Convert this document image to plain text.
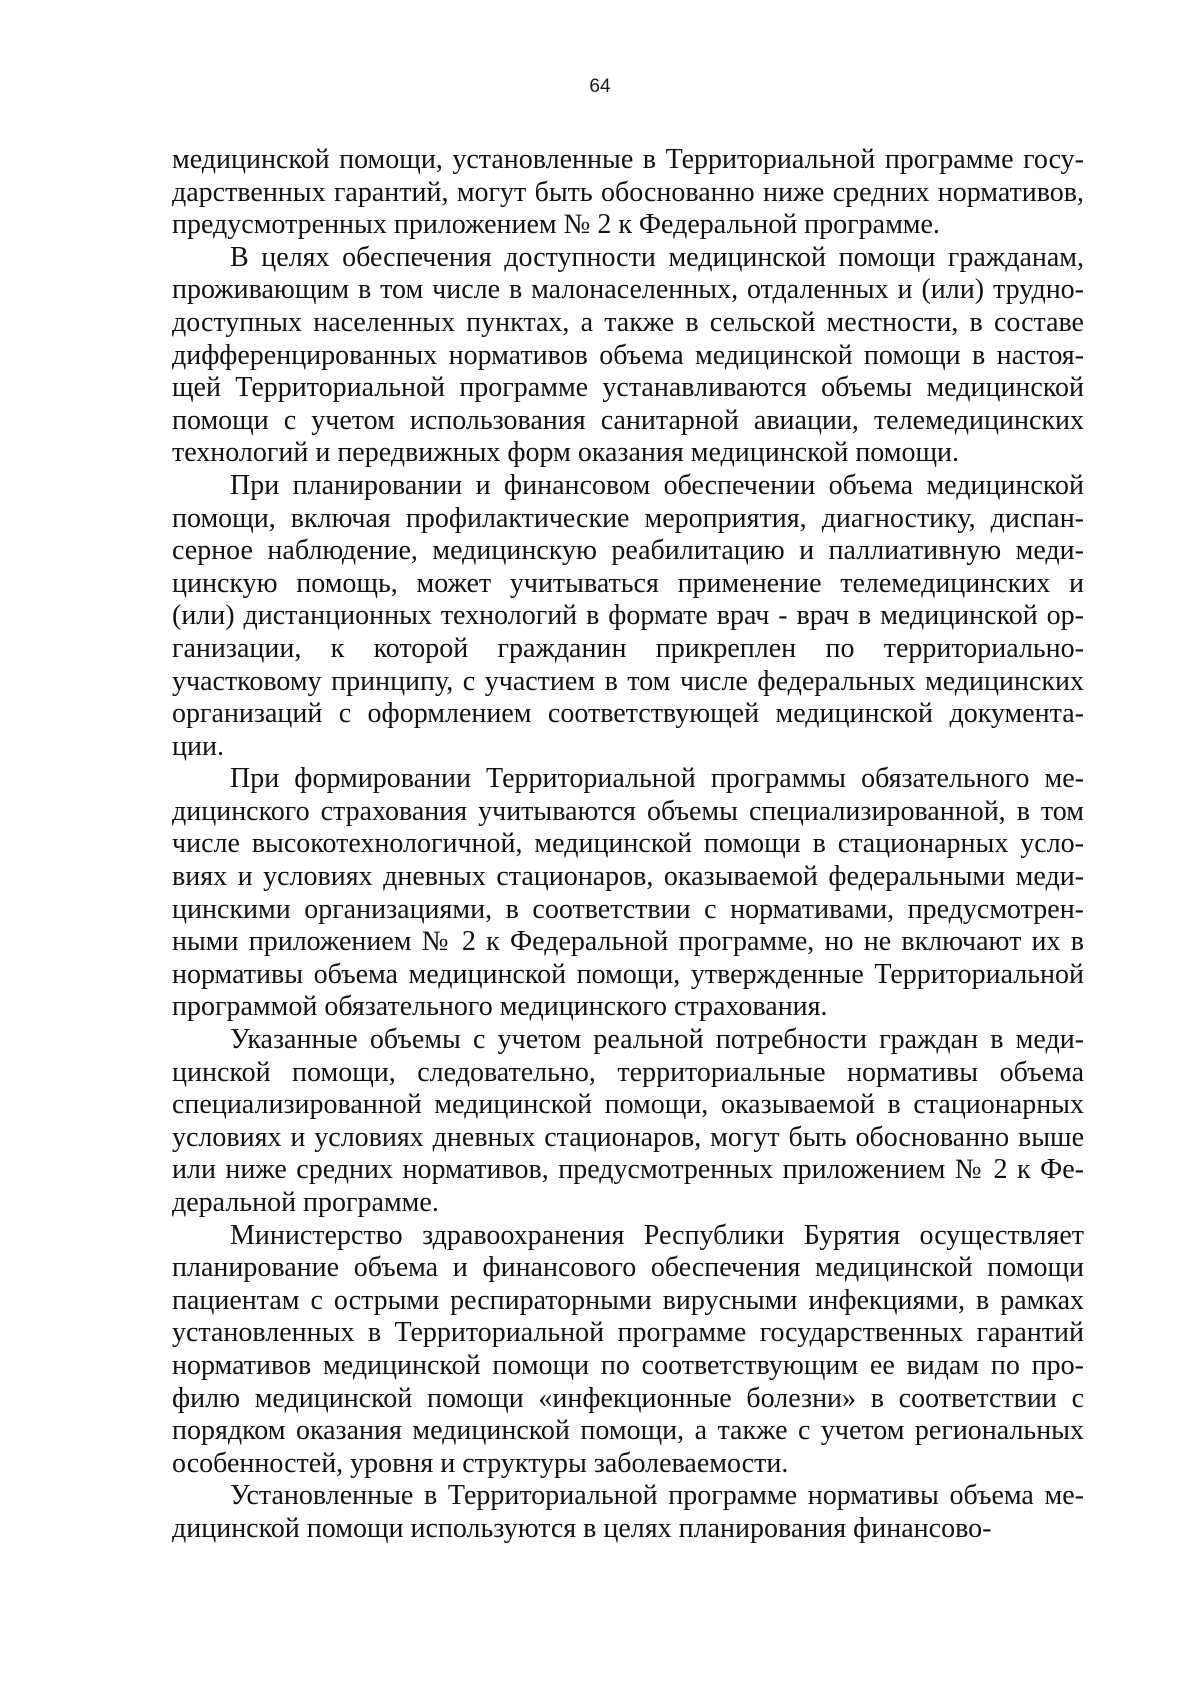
64

медицинской помощи, установленные в Территориальной программе госу-
дарственных гарантий, могут быть обоснованно ниже средних нормативов,
предусмотренных приложением № 2 к Федеральной программе.

В целях обеспечения доступности медицинской помощи гражданам,
проживающим в том числе в малонаселенных, отдаленных и (или) трудно-
доступных населенных пунктах, а также в сельской местности, в составе
дифференцированных нормативов объема медицинской помощи в настоя-
щей Территориальной программе устанавливаются объемы медицинской
помощи с учетом использования санитарной авиации, телемедицинских
технологий и передвижных форм оказания медицинской помощи.

При планировании и финансовом обеспечении объема медицинской
помощи, включая профилактические мероприятия, диагностику, диспан-
серное наблюдение, медицинскую реабилитацию и паллиативную меди-
цинскую помощь, может учитываться применение телемедицинских и
(или) дистанционных технологий в формате врач - врач в медицинской ор-
ганизации, к которой гражданин прикреплен по территориально-
участковому принципу, с участием в том числе федеральных медицинских
организаций с оформлением соответствующей медицинской документа-
ции.

При формировании Территориальной программы обязательного ме-
дицинского страхования учитываются объемы специализированной, в том
числе высокотехнологичной, медицинской помощи в стационарных усло-
виях и условиях дневных стационаров, оказываемой федеральными меди-
цинскими организациями, в соответствии с нормативами, предусмотрен-
ными приложением № 2 к Федеральной программе, но не включают их в
нормативы объема медицинской помощи, утвержденные Территориальной
программой обязательного медицинского страхования.

Указанные объемы с учетом реальной потребности граждан в меди-
цинской помощи, следовательно, территориальные нормативы объема
специализированной медицинской помощи, оказываемой в стационарных
условиях и условиях дневных стационаров, могут быть обоснованно выше
или ниже средних нормативов, предусмотренных приложением № 2 к Фе-
деральной программе.

Министерство здравоохранения Республики Бурятия осуществляет
планирование объема и финансового обеспечения медицинской помощи
пациентам с острыми респираторными вирусными инфекциями, в рамках
установленных в Территориальной программе государственных гарантий
нормативов медицинской помощи по соответствующим ее видам по про-
филю медицинской помощи «инфекционные болезни» в соответствии с
порядком оказания медицинской помощи, а также с учетом региональных
особенностей, уровня и структуры заболеваемости.

Установленные в Территориальной программе нормативы объема ме-
дицинской помощи используются в целях планирования финансово-
